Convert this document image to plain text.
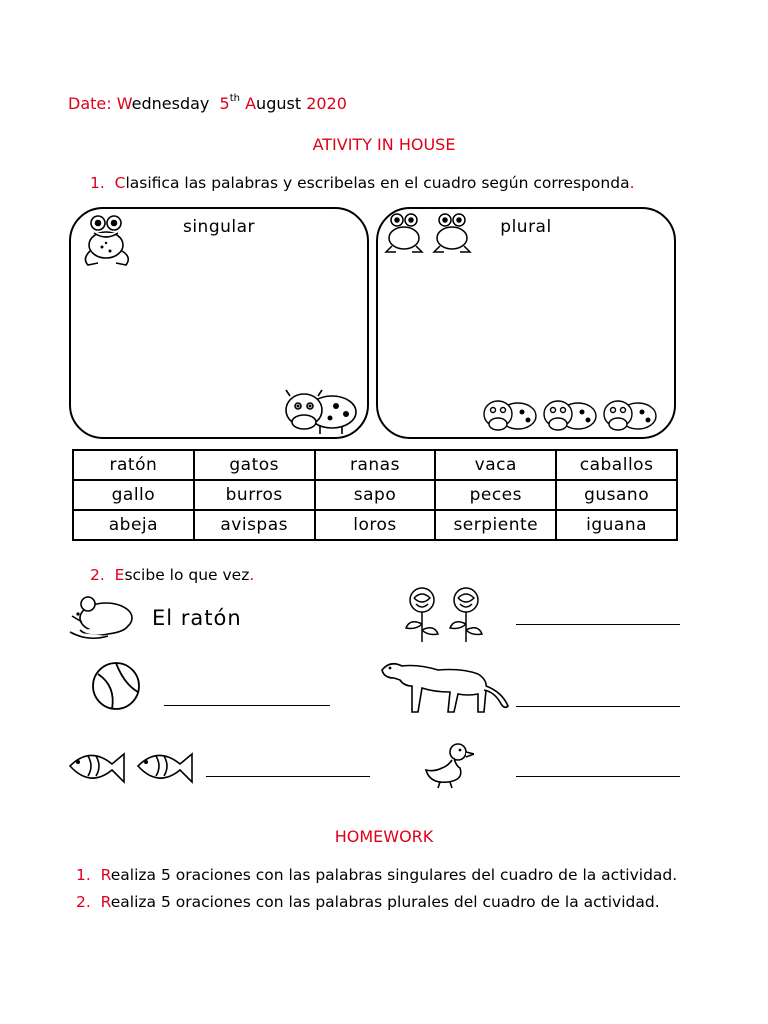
Date: Wednesday 5th August 2020
ATIVITY IN HOUSE
1. Clasifica las palabras y escribelas en el cuadro según corresponda.
singular	plural
ratón	gatos	ranas	vaca	caballos
gallo	burros	sapo	peces	gusano
abeja	avispas	loros	serpiente	iguana
2. Escibe lo que vez.
El ratón
HOMEWORK
1. Realiza 5 oraciones con las palabras singulares del cuadro de la actividad.
2. Realiza 5 oraciones con las palabras plurales del cuadro de la actividad.
